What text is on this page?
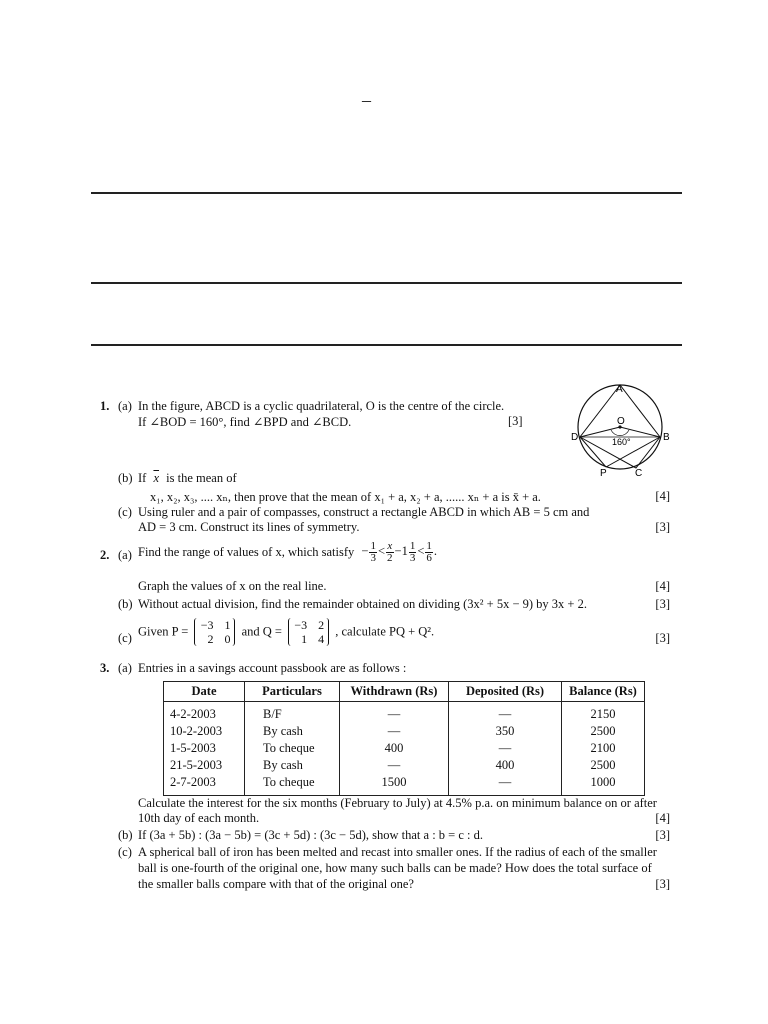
–
1. (a) In the figure, ABCD is a cyclic quadrilateral, O is the centre of the circle.
If ∠BOD = 160°, find ∠BPD and ∠BCD.	[3]
A
O
D	B
P	C
160°
(b) If $\overline{x}$ is the mean of
x₁, x₂, x₃, .... xₙ, then prove that the mean of x₁ + a, x₂ + a, ...... xₙ + a is x̄ + a.	[4]
(c) Using ruler and a pair of compasses, construct a rectangle ABCD in which AB = 5 cm and
AD = 3 cm. Construct its lines of symmetry.	[3]
2. (a) Find the range of values of x, which satisfy − $\frac{1}{3} < \frac{x}{2} -1 \frac{1}{3} < \frac{1}{6}$ .
Graph the values of x on the real line.	[4]
(b) Without actual division, find the remainder obtained on dividing (3x² + 5x − 9) by 3x + 2.	[3]
(c) Given P = −3 1
2 0
and Q = −3 2
1 4
, calculate PQ + Q².	[3]
3. (a) Entries in a savings account passbook are as follows :
Date	Particulars	Withdrawn (Rs)	Deposited (Rs)	Balance (Rs)
4-2-2003	B/F	—	—	2150
10-2-2003	By cash	—	350	2500
1-5-2003	To cheque	400	—	2100
21-5-2003	By cash	—	400	2500
2-7-2003	To cheque	1500	—	1000
Calculate the interest for the six months (February to July) at 4.5% p.a. on minimum balance on or after
10th day of each month.	[4]
(b) If (3a + 5b) : (3a − 5b) = (3c + 5d) : (3c − 5d), show that a : b = c : d.	[3]
(c) A spherical ball of iron has been melted and recast into smaller ones. If the radius of each of the smaller
ball is one-fourth of the original one, how many such balls can be made? How does the total surface of
the smaller balls compare with that of the original one?	[3]
